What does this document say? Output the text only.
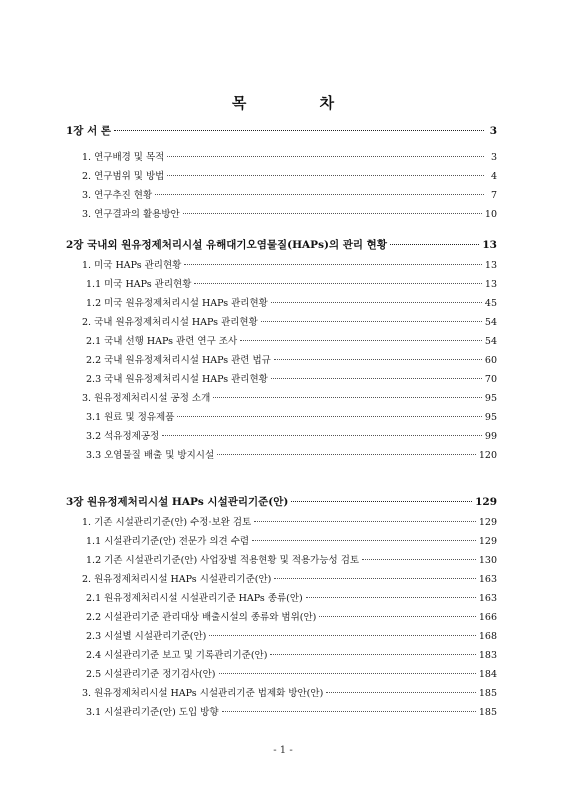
목 차
1장 서 론	3
1. 연구배경 및 목적	3
2. 연구범위 및 방법	4
3. 연구추진 현황	7
3. 연구결과의 활용방안	10
2장 국내외 원유정제처리시설 유해대기오염물질(HAPs)의 관리 현황	13
1. 미국 HAPs 관리현황	13
1.1 미국 HAPs 관리현황	13
1.2 미국 원유정제처리시설 HAPs 관리현황	45
2. 국내 원유정제처리시설 HAPs 관리현황	54
2.1 국내 선행 HAPs 관련 연구 조사	54
2.2 국내 원유정제처리시설 HAPs 관련 법규	60
2.3 국내 원유정제처리시설 HAPs 관리현황	70
3. 원유정제처리시설 공정 소개	95
3.1 원료 및 정유제품	95
3.2 석유정제공정	99
3.3 오염물질 배출 및 방지시설	120
3장 원유정제처리시설 HAPs 시설관리기준(안)	129
1. 기존 시설관리기준(안) 수정·보완 검토	129
1.1 시설관리기준(안) 전문가 의견 수렴	129
1.2 기존 시설관리기준(안) 사업장별 적용현황 및 적용가능성 검토	130
2. 원유정제처리시설 HAPs 시설관리기준(안)	163
2.1 원유정제처리시설 시설관리기준 HAPs 종류(안)	163
2.2 시설관리기준 관리대상 배출시설의 종류와 범위(안)	166
2.3 시설별 시설관리기준(안)	168
2.4 시설관리기준 보고 및 기록관리기준(안)	183
2.5 시설관리기준 정기검사(안)	184
3. 원유정제처리시설 HAPs 시설관리기준 법제화 방안(안)	185
3.1 시설관리기준(안) 도입 방향	185
- 1 -
